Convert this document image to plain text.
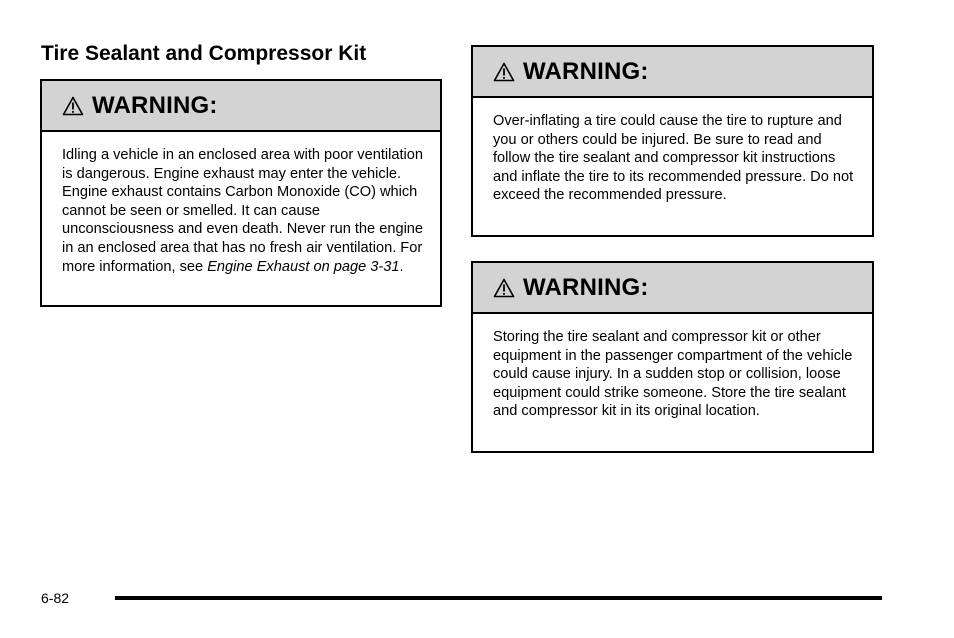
Tire Sealant and Compressor Kit
WARNING:
Idling a vehicle in an enclosed area with poor ventilation is dangerous. Engine exhaust may enter the vehicle. Engine exhaust contains Carbon Monoxide (CO) which cannot be seen or smelled. It can cause unconsciousness and even death. Never run the engine in an enclosed area that has no fresh air ventilation. For more information, see Engine Exhaust on page 3-31.
WARNING:
Over-inflating a tire could cause the tire to rupture and you or others could be injured. Be sure to read and follow the tire sealant and compressor kit instructions and inflate the tire to its recommended pressure. Do not exceed the recommended pressure.
WARNING:
Storing the tire sealant and compressor kit or other equipment in the passenger compartment of the vehicle could cause injury. In a sudden stop or collision, loose equipment could strike someone. Store the tire sealant and compressor kit in its original location.
6-82
